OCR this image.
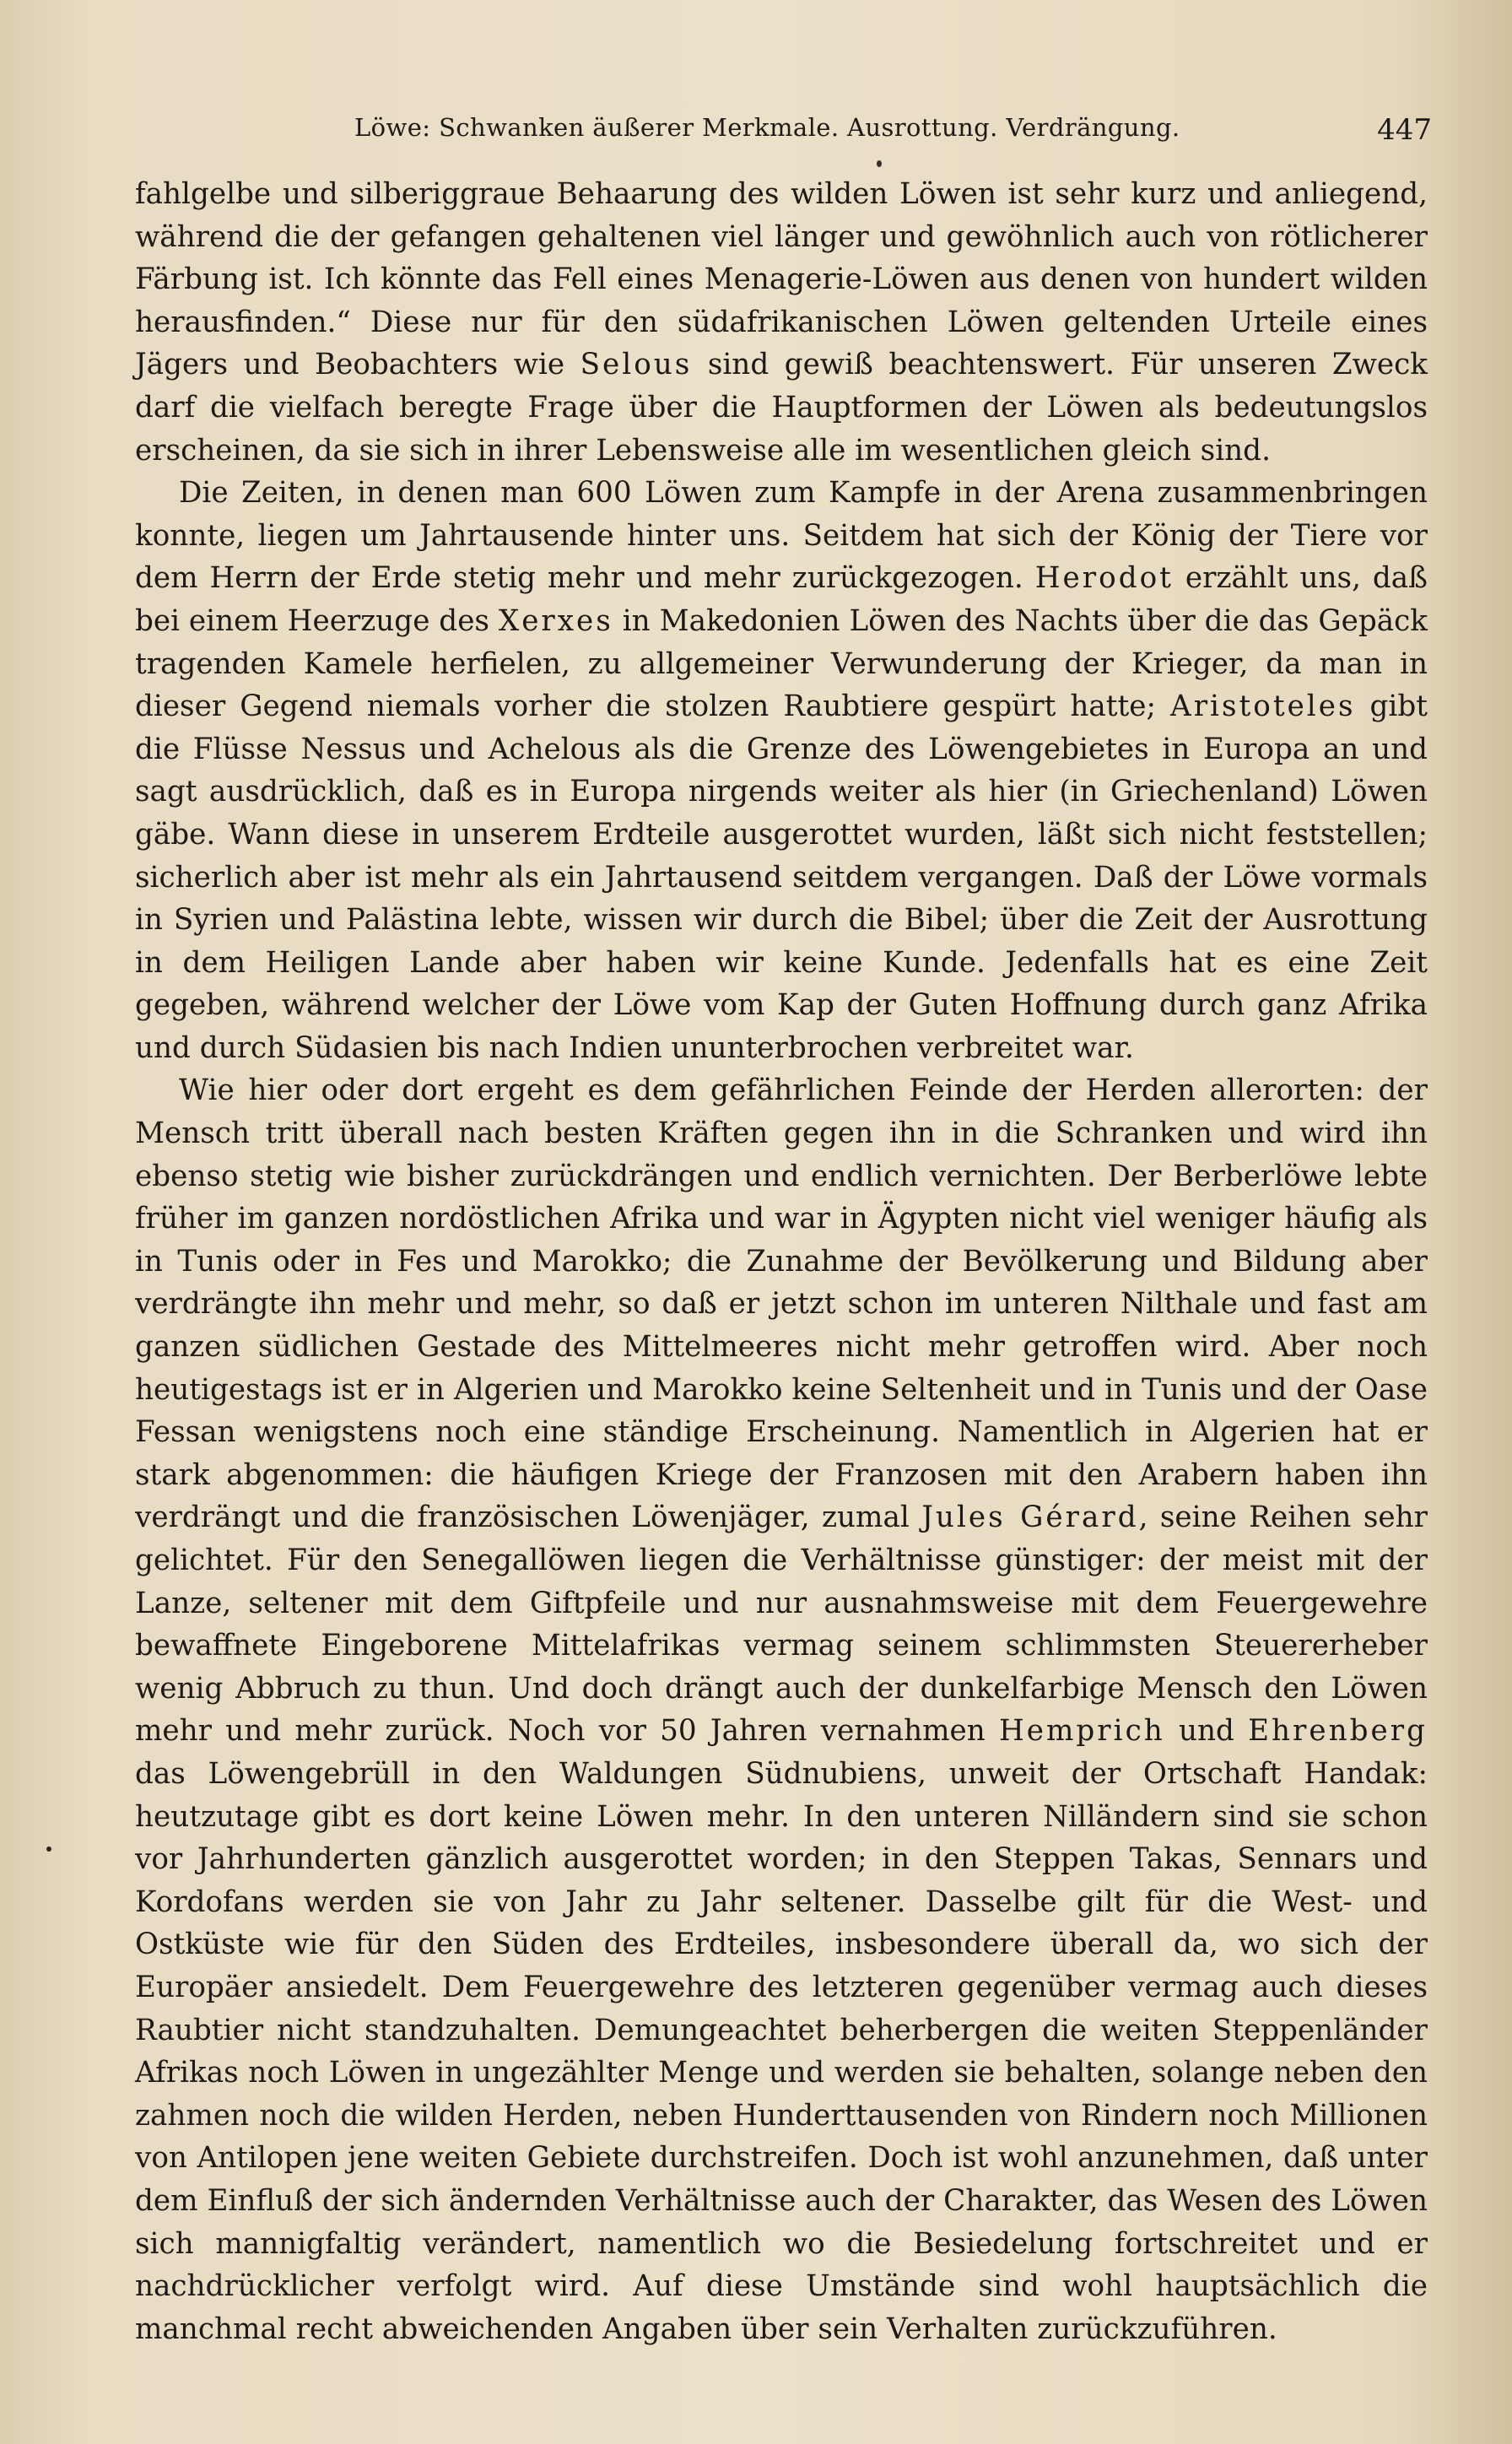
Löwe: Schwanken äußerer Merkmale. Ausrottung. Verdrängung.	447

fahlgelbe und silberiggraue Behaarung des wilden Löwen ist sehr kurz und anliegend, während die der gefangen gehaltenen viel länger und gewöhnlich auch von rötlicherer Färbung ist. Ich könnte das Fell eines Menagerie-Löwen aus denen von hundert wilden herausfinden.“ Diese nur für den südafrikanischen Löwen geltenden Urteile eines Jägers und Beobachters wie Selous sind gewiß beachtenswert. Für unseren Zweck darf die vielfach beregte Frage über die Hauptformen der Löwen als bedeutungslos erscheinen, da sie sich in ihrer Lebensweise alle im wesentlichen gleich sind.

Die Zeiten, in denen man 600 Löwen zum Kampfe in der Arena zusammenbringen konnte, liegen um Jahrtausende hinter uns. Seitdem hat sich der König der Tiere vor dem Herrn der Erde stetig mehr und mehr zurückgezogen. Herodot erzählt uns, daß bei einem Heerzuge des Xerxes in Makedonien Löwen des Nachts über die das Gepäck tragenden Kamele herfielen, zu allgemeiner Verwunderung der Krieger, da man in dieser Gegend niemals vorher die stolzen Raubtiere gespürt hatte; Aristoteles gibt die Flüsse Nessus und Achelous als die Grenze des Löwengebietes in Europa an und sagt ausdrücklich, daß es in Europa nirgends weiter als hier (in Griechenland) Löwen gäbe. Wann diese in unserem Erdteile ausgerottet wurden, läßt sich nicht feststellen; sicherlich aber ist mehr als ein Jahrtausend seitdem vergangen. Daß der Löwe vormals in Syrien und Palästina lebte, wissen wir durch die Bibel; über die Zeit der Ausrottung in dem Heiligen Lande aber haben wir keine Kunde. Jedenfalls hat es eine Zeit gegeben, während welcher der Löwe vom Kap der Guten Hoffnung durch ganz Afrika und durch Südasien bis nach Indien ununterbrochen verbreitet war.

Wie hier oder dort ergeht es dem gefährlichen Feinde der Herden allerorten: der Mensch tritt überall nach besten Kräften gegen ihn in die Schranken und wird ihn ebenso stetig wie bisher zurückdrängen und endlich vernichten. Der Berberlöwe lebte früher im ganzen nordöstlichen Afrika und war in Ägypten nicht viel weniger häufig als in Tunis oder in Fes und Marokko; die Zunahme der Bevölkerung und Bildung aber verdrängte ihn mehr und mehr, so daß er jetzt schon im unteren Nilthale und fast am ganzen südlichen Gestade des Mittelmeeres nicht mehr getroffen wird. Aber noch heutigestags ist er in Algerien und Marokko keine Seltenheit und in Tunis und der Oase Fessan wenigstens noch eine ständige Erscheinung. Namentlich in Algerien hat er stark abgenommen: die häufigen Kriege der Franzosen mit den Arabern haben ihn verdrängt und die französischen Löwenjäger, zumal Jules Gérard, seine Reihen sehr gelichtet. Für den Senegallöwen liegen die Verhältnisse günstiger: der meist mit der Lanze, seltener mit dem Giftpfeile und nur ausnahmsweise mit dem Feuergewehre bewaffnete Eingeborene Mittelafrikas vermag seinem schlimmsten Steuererheber wenig Abbruch zu thun. Und doch drängt auch der dunkelfarbige Mensch den Löwen mehr und mehr zurück. Noch vor 50 Jahren vernahmen Hemprich und Ehrenberg das Löwengebrüll in den Waldungen Südnubiens, unweit der Ortschaft Handak: heutzutage gibt es dort keine Löwen mehr. In den unteren Nilländern sind sie schon vor Jahrhunderten gänzlich ausgerottet worden; in den Steppen Takas, Sennars und Kordofans werden sie von Jahr zu Jahr seltener. Dasselbe gilt für die West- und Ostküste wie für den Süden des Erdteiles, insbesondere überall da, wo sich der Europäer ansiedelt. Dem Feuergewehre des letzteren gegenüber vermag auch dieses Raubtier nicht standzuhalten. Demungeachtet beherbergen die weiten Steppenländer Afrikas noch Löwen in ungezählter Menge und werden sie behalten, solange neben den zahmen noch die wilden Herden, neben Hunderttausenden von Rindern noch Millionen von Antilopen jene weiten Gebiete durchstreifen. Doch ist wohl anzunehmen, daß unter dem Einfluß der sich ändernden Verhältnisse auch der Charakter, das Wesen des Löwen sich mannigfaltig verändert, namentlich wo die Besiedelung fortschreitet und er nachdrücklicher verfolgt wird. Auf diese Umstände sind wohl hauptsächlich die manchmal recht abweichenden Angaben über sein Verhalten zurückzuführen.
